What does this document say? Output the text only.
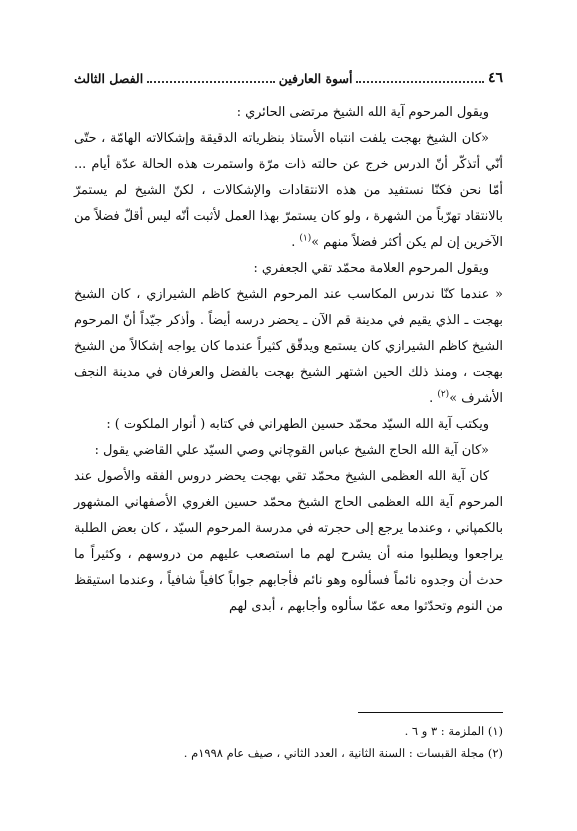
٤٦
أسوة العارفين
الفصل الثالث

ويقول المرحوم آية الله الشيخ مرتضى الحائري :

«كان الشيخ بهجت يلفت انتباه الأستاذ بنظرياته الدقيقة وإشكالاته الهامّة ، حتّى أنّي أتذكّر أنّ الدرس خرج عن حالته ذات مرّة واستمرت هذه الحالة عدّة أيام ... أمّا نحن فكنّا نستفيد من هذه الانتقادات والإشكالات ، لكنّ الشيخ لم يستمرّ بالانتقاد تهرّباً من الشهرة ، ولو كان يستمرّ بهذا العمل لأثبت أنّه ليس أقلّ فضلاً من الآخرين إن لم يكن أكثر فضلاً منهم »$^{(١)}$ .

ويقول المرحوم العلامة محمّد تقي الجعفري :

« عندما كنّا ندرس المكاسب عند المرحوم الشيخ كاظم الشيرازي ، كان الشيخ بهجت ـ الذي يقيم في مدينة قم الآن ـ يحضر درسه أيضاً . وأذكر جيّداً أنّ المرحوم الشيخ كاظم الشيرازي كان يستمع ويدقّق كثيراً عندما كان يواجه إشكالاً من الشيخ بهجت ، ومنذ ذلك الحين اشتهر الشيخ بهجت بالفضل والعرفان في مدينة النجف الأشرف »$^{(٢)}$ .

ويكتب آية الله السيّد محمّد حسين الطهراني في كتابه ( أنوار الملكوت ) :

«كان آية الله الحاج الشيخ عباس القوچاني وصي السيّد علي القاضي يقول :

كان آية الله العظمى الشيخ محمّد تقي بهجت يحضر دروس الفقه والأصول عند المرحوم آية الله العظمى الحاج الشيخ محمّد حسين الغروي الأصفهاني المشهور بالكمپاني ، وعندما يرجع إلى حجرته في مدرسة المرحوم السيّد ، كان بعض الطلبة يراجعوا ويطلبوا منه أن يشرح لهم ما استصعب عليهم من دروسهم ، وكثيراً ما حدث أن وجدوه نائماً فسألوه وهو نائم فأجابهم جواباً كافياً شافياً ، وعندما استيقظ من النوم وتحدّثوا معه عمّا سألوه وأجابهم ، أبدى لهم

(١) الملزمة : ٣ و ٦ .
(٢) مجلة القبسات : السنة الثانية ، العدد الثاني ، صيف عام ١٩٩٨م .
